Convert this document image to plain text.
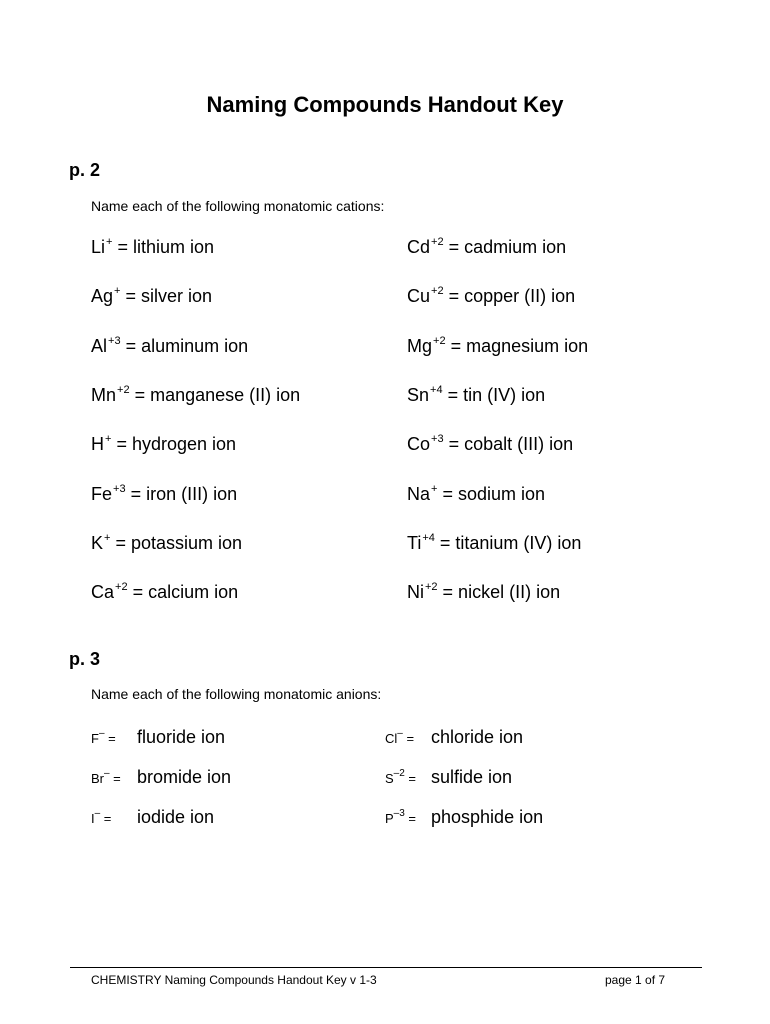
Naming Compounds Handout Key
p. 2
Name each of the following monatomic cations:
Li+ = lithium ion
Ag+ = silver ion
$Al^{+3}$ = aluminum ion
$Mn^{+2}$ = manganese (II) ion
H+ = hydrogen ion
$Fe^{+3}$ = iron (III) ion
K+ = potassium ion
$Ca^{+2}$ = calcium ion
$Cd^{+2}$ = cadmium ion
$Cu^{+2}$ = copper (II) ion
$Mg^{+2}$ = magnesium ion
$Sn^{+4}$ = tin (IV) ion
$Co^{+3}$ = cobalt (III) ion
Na+ = sodium ion
$Ti^{+4}$ = titanium (IV) ion
$Ni^{+2}$ = nickel (II) ion
p. 3
Name each of the following monatomic anions:
F– = fluoride ion
Br– = bromide ion
I– = iodide ion
Cl– = chloride ion
$S^{-2}$ = sulfide ion
$P^{-3}$ = phosphide ion
CHEMISTRY Naming Compounds Handout Key v 1-3	page 1 of 7
